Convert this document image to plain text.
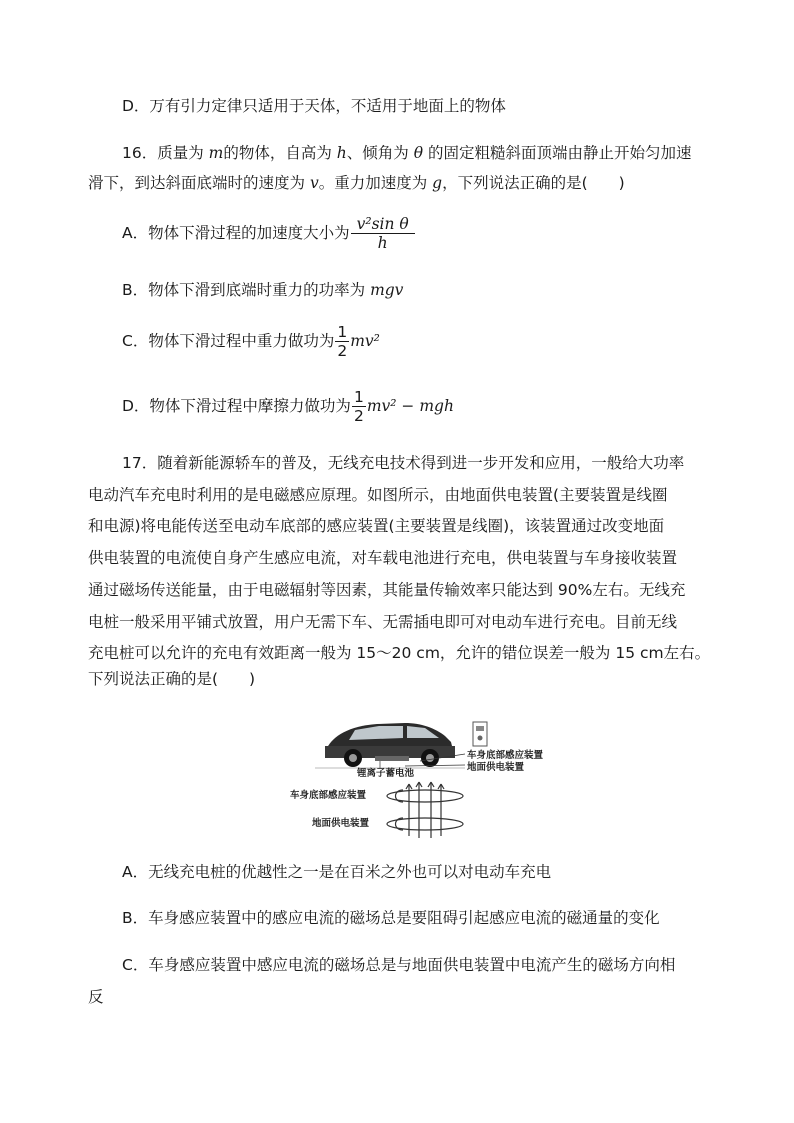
D．万有引力定律只适用于天体，不适用于地面上的物体
16．质量为 m的物体，自高为 h、倾角为 θ 的固定粗糙斜面顶端由静止开始匀加速
滑下，到达斜面底端时的速度为 v。重力加速度为 g，下列说法正确的是(　　)
A．物体下滑过程的加速度大小为 $\frac{\text{v²sin θ}}{h}$
B．物体下滑到底端时重力的功率为 mgv
C．物体下滑过程中重力做功为 $\frac{1}{2} mv^2$
D．物体下滑过程中摩擦力做功为 $\frac{1}{2} mv^2$ − mgh
17．随着新能源轿车的普及，无线充电技术得到进一步开发和应用，一般给大功率
电动汽车充电时利用的是电磁感应原理。如图所示，由地面供电装置(主要装置是线圈
和电源)将电能传送至电动车底部的感应装置(主要装置是线圈)，该装置通过改变地面
供电装置的电流使自身产生感应电流，对车载电池进行充电，供电装置与车身接收装置
通过磁场传送能量，由于电磁辐射等因素，其能量传输效率只能达到 90%左右。无线充
电桩一般采用平铺式放置，用户无需下车、无需插电即可对电动车进行充电。目前无线
充电桩可以允许的充电有效距离一般为 15～20 cm，允许的错位误差一般为 15 cm左右。
下列说法正确的是(　　)
车身底部感应装置
地面供电装置
锂离子蓄电池
车身底部感应装置
地面供电装置
A．无线充电桩的优越性之一是在百米之外也可以对电动车充电
B．车身感应装置中的感应电流的磁场总是要阻碍引起感应电流的磁通量的变化
C．车身感应装置中感应电流的磁场总是与地面供电装置中电流产生的磁场方向相
反
